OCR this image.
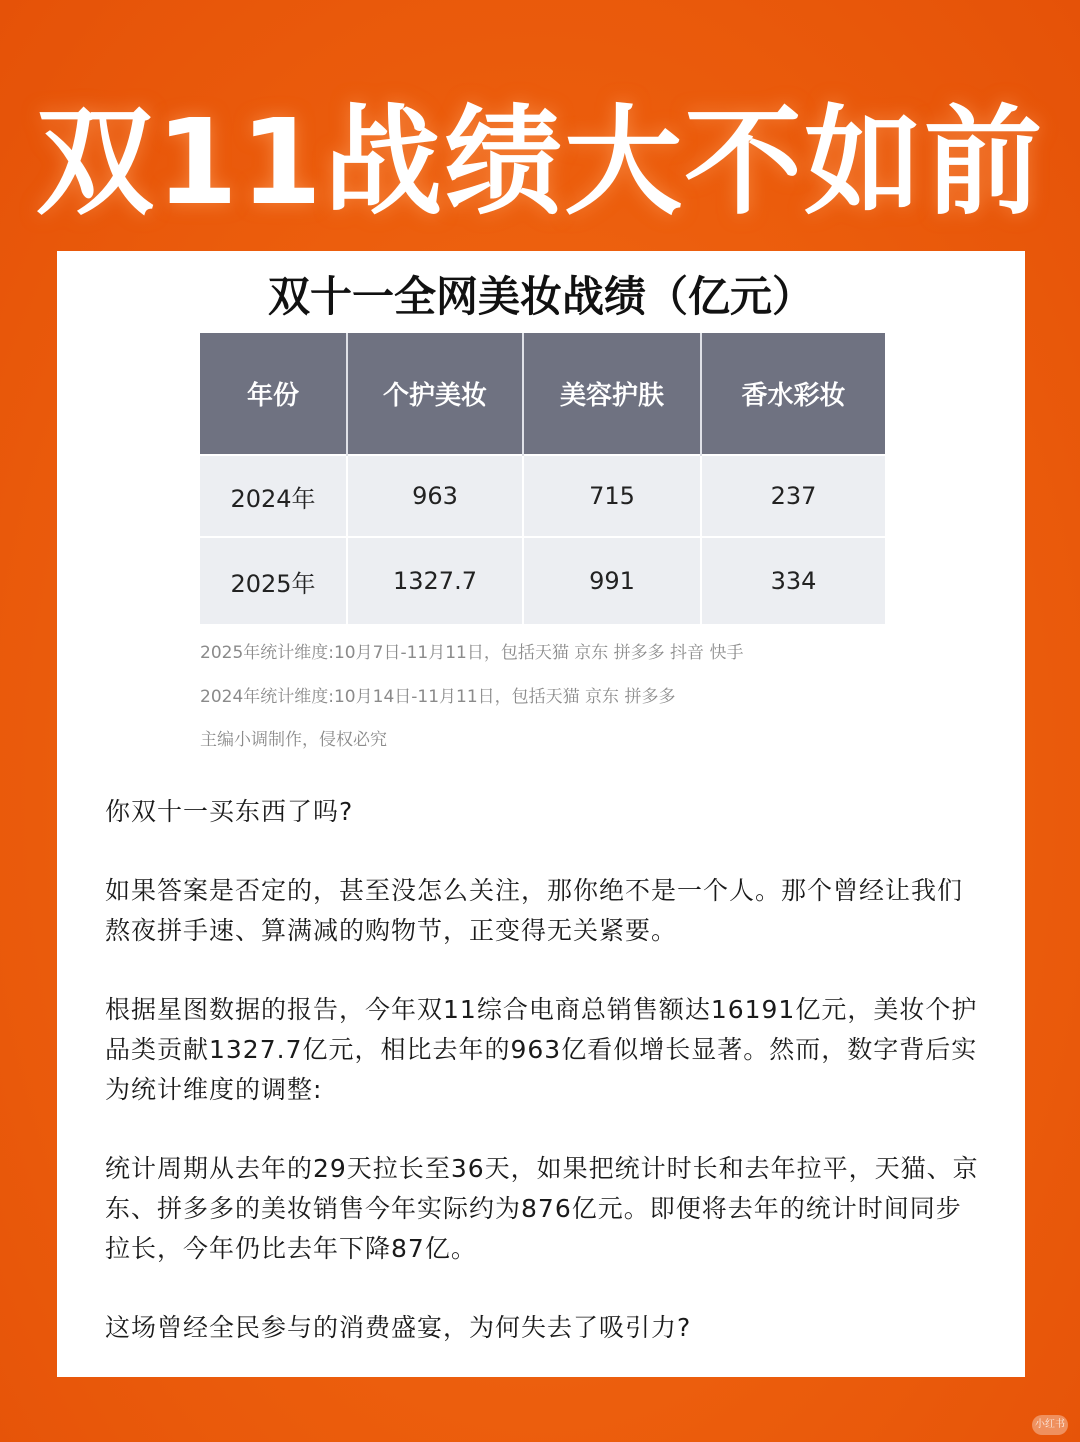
双11战绩大不如前
双十一全网美妆战绩（亿元）
年份	个护美妆	美容护肤	香水彩妆
2024年	963	715	237
2025年	1327.7	991	334
2025年统计维度:10月7日-11月11日，包括天猫 京东 拼多多 抖音 快手
2024年统计维度:10月14日-11月11日，包括天猫 京东 拼多多
主编小调制作，侵权必究

你双十一买东西了吗?

如果答案是否定的，甚至没怎么关注，那你绝不是一个人。那个曾经让我们熬夜拼手速、算满减的购物节，正变得无关紧要。

根据星图数据的报告，今年双11综合电商总销售额达16191亿元，美妆个护品类贡献1327.7亿元，相比去年的963亿看似增长显著。然而，数字背后实为统计维度的调整:

统计周期从去年的29天拉长至36天，如果把统计时长和去年拉平，天猫、京东、拼多多的美妆销售今年实际约为876亿元。即便将去年的统计时间同步拉长，今年仍比去年下降87亿。

这场曾经全民参与的消费盛宴，为何失去了吸引力?

小红书
